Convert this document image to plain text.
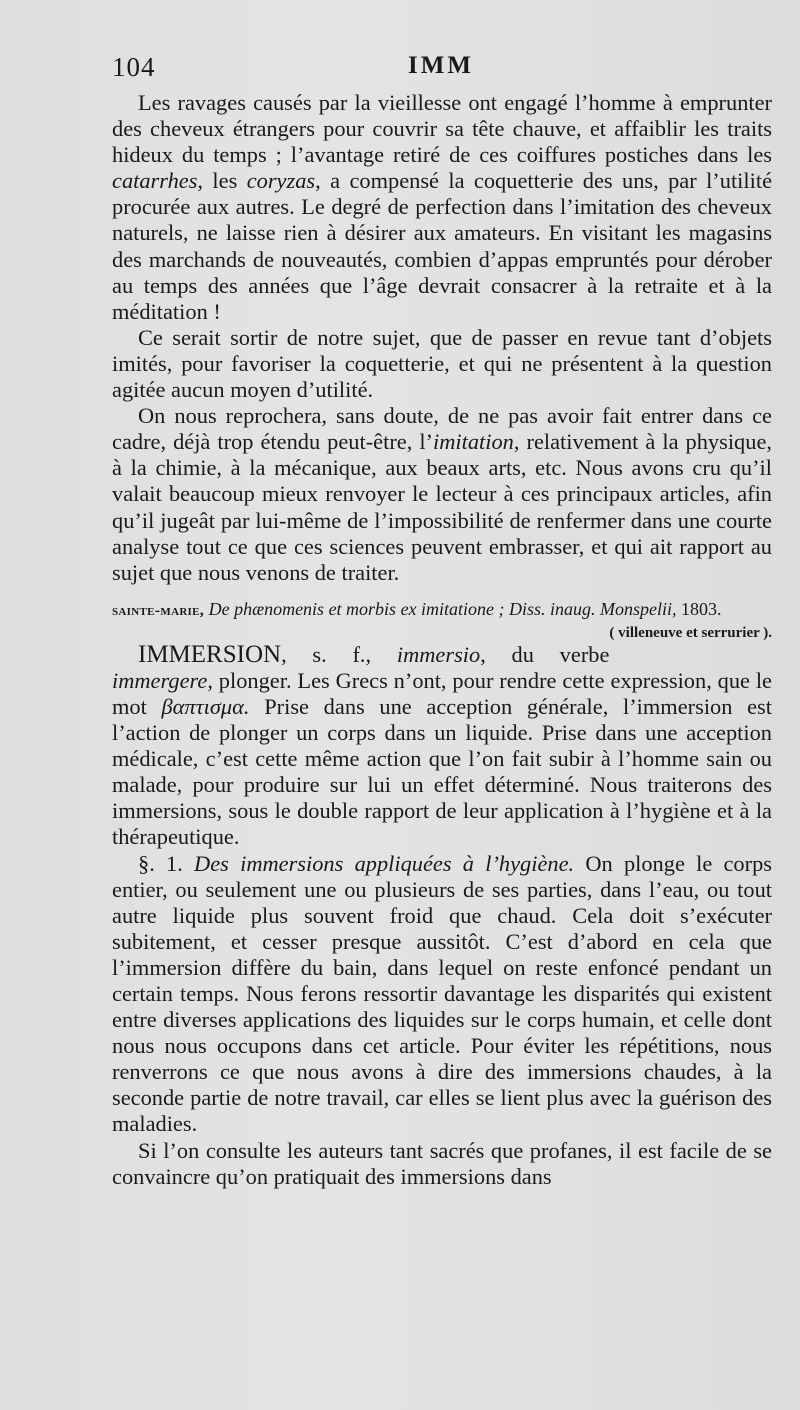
104	IMM

Les ravages causés par la vieillesse ont engagé l’homme à emprunter des cheveux étrangers pour couvrir sa tête chauve, et affaiblir les traits hideux du temps ; l’avantage retiré de ces coiffures postiches dans les catarrhes, les coryzas, a compensé la coquetterie des uns, par l’utilité procurée aux autres. Le degré de perfection dans l’imitation des cheveux naturels, ne laisse rien à désirer aux amateurs. En visitant les magasins des marchands de nouveautés, combien d’appas empruntés pour dérober au temps des années que l’âge devrait consacrer à la retraite et à la méditation !

Ce serait sortir de notre sujet, que de passer en revue tant d’objets imités, pour favoriser la coquetterie, et qui ne présentent à la question agitée aucun moyen d’utilité.

On nous reprochera, sans doute, de ne pas avoir fait entrer dans ce cadre, déjà trop étendu peut-être, l’imitation, relativement à la physique, à la chimie, à la mécanique, aux beaux arts, etc. Nous avons cru qu’il valait beaucoup mieux renvoyer le lecteur à ces principaux articles, afin qu’il jugeât par lui-même de l’impossibilité de renfermer dans une courte analyse tout ce que ces sciences peuvent embrasser, et qui ait rapport au sujet que nous venons de traiter.

sainte-marie, De phænomenis et morbis ex imitatione ; Diss. inaug. Monspelii, 1803.
( villeneuve et serrurier ).

IMMERSION, s. f., immersio, du verbe immergere, plonger. Les Grecs n’ont, pour rendre cette expression, que le mot βαπτισμα. Prise dans une acception générale, l’immersion est l’action de plonger un corps dans un liquide. Prise dans une acception médicale, c’est cette même action que l’on fait subir à l’homme sain ou malade, pour produire sur lui un effet déterminé. Nous traiterons des immersions, sous le double rapport de leur application à l’hygiène et à la thérapeutique.

§. 1. Des immersions appliquées à l’hygiène. On plonge le corps entier, ou seulement une ou plusieurs de ses parties, dans l’eau, ou tout autre liquide plus souvent froid que chaud. Cela doit s’exécuter subitement, et cesser presque aussitôt. C’est d’abord en cela que l’immersion diffère du bain, dans lequel on reste enfoncé pendant un certain temps. Nous ferons ressortir davantage les disparités qui existent entre diverses applications des liquides sur le corps humain, et celle dont nous nous occupons dans cet article. Pour éviter les répétitions, nous renverrons ce que nous avons à dire des immersions chaudes, à la seconde partie de notre travail, car elles se lient plus avec la guérison des maladies.

Si l’on consulte les auteurs tant sacrés que profanes, il est facile de se convaincre qu’on pratiquait des immersions dans
